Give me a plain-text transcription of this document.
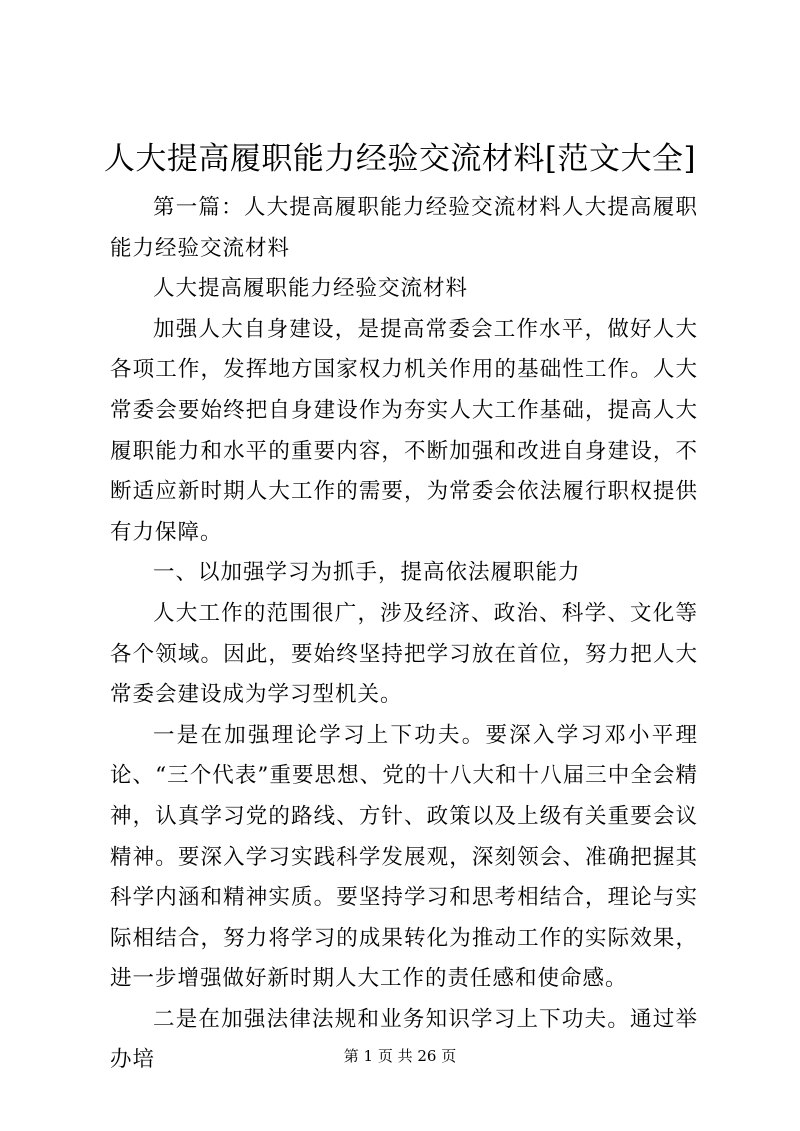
人大提高履职能力经验交流材料[范文大全]

第一篇：人大提高履职能力经验交流材料人大提高履职能力经验交流材料

人大提高履职能力经验交流材料

加强人大自身建设，是提高常委会工作水平，做好人大各项工作，发挥地方国家权力机关作用的基础性工作。人大常委会要始终把自身建设作为夯实人大工作基础，提高人大履职能力和水平的重要内容，不断加强和改进自身建设，不断适应新时期人大工作的需要，为常委会依法履行职权提供有力保障。

一、以加强学习为抓手，提高依法履职能力

人大工作的范围很广，涉及经济、政治、科学、文化等各个领域。因此，要始终坚持把学习放在首位，努力把人大常委会建设成为学习型机关。

一是在加强理论学习上下功夫。要深入学习邓小平理论、“三个代表”重要思想、党的十八大和十八届三中全会精神，认真学习党的路线、方针、政策以及上级有关重要会议精神。要深入学习实践科学发展观，深刻领会、准确把握其科学内涵和精神实质。要坚持学习和思考相结合，理论与实际相结合，努力将学习的成果转化为推动工作的实际效果，进一步增强做好新时期人大工作的责任感和使命感。

二是在加强法律法规和业务知识学习上下功夫。通过举办培	第 1 页 共 26 页
